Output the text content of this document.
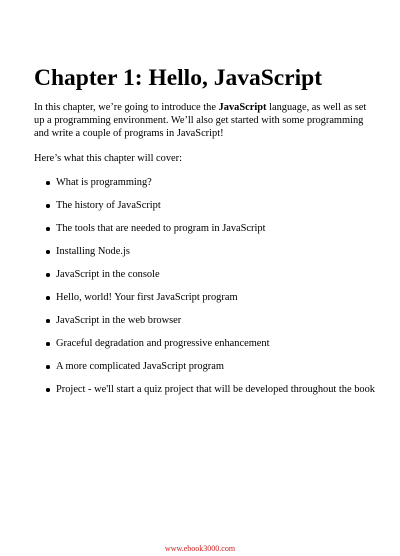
Chapter 1: Hello, JavaScript

In this chapter, we’re going to introduce the JavaScript language, as well as set up a programming environment. We’ll also get started with some programming and write a couple of programs in JavaScript!

Here’s what this chapter will cover:

What is programming?
The history of JavaScript
The tools that are needed to program in JavaScript
Installing Node.js
JavaScript in the console
Hello, world! Your first JavaScript program
JavaScript in the web browser
Graceful degradation and progressive enhancement
A more complicated JavaScript program
Project - we'll start a quiz project that will be developed throughout the book
www.ebook3000.com
